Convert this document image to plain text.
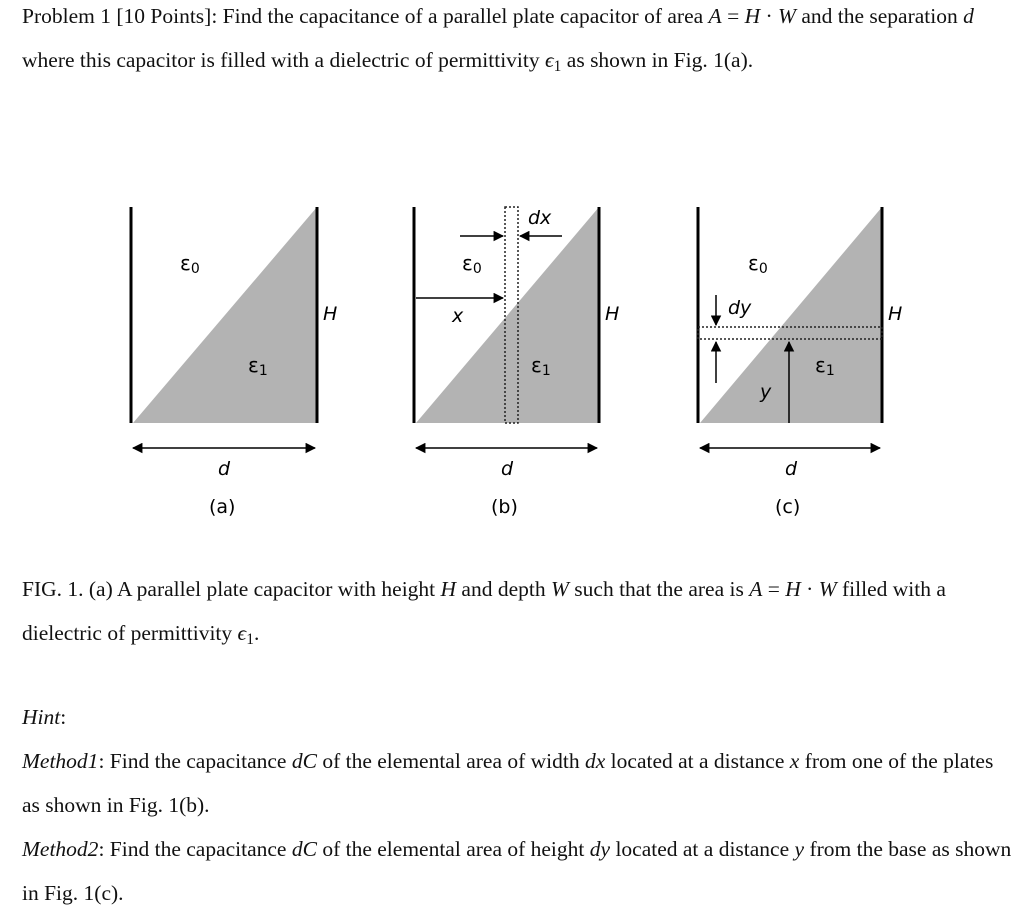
Problem 1 [10 Points]: Find the capacitance of a parallel plate capacitor of area A = H · W and the separation d where this capacitor is filled with a dielectric of permittivity $\epsilon_1$ as shown in Fig. 1(a).
ε0
ε1
H
d
(a)
dx
ε0
x
ε1
H
d
(b)
ε0
dy	H
ε1
y
d
(c)
FIG. 1. (a) A parallel plate capacitor with height H and depth W such that the area is A = H · W filled with a dielectric of permittivity $\epsilon_1$.
Hint:
Method1: Find the capacitance dC of the elemental area of width dx located at a distance x from one of the plates as shown in Fig. 1(b).
Method2: Find the capacitance dC of the elemental area of height dy located at a distance y from the base as shown in Fig. 1(c).
